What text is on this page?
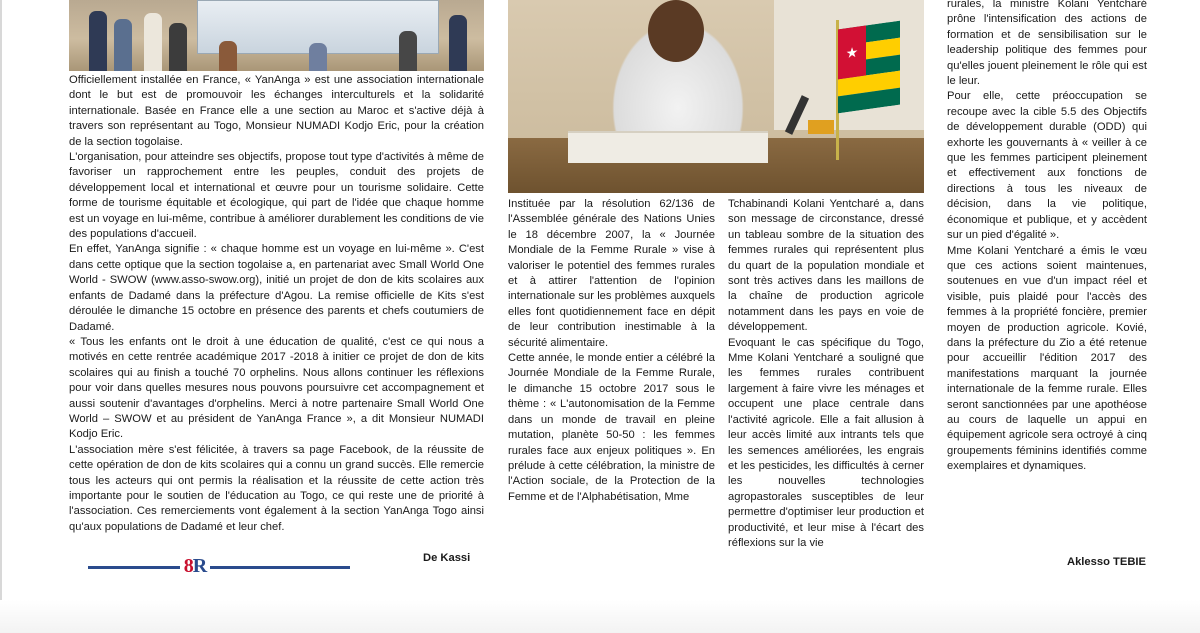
★

Officiellement installée en France, « YanAnga » est une association internationale dont le but est de promouvoir les échanges interculturels et la solidarité internationale. Basée en France elle a une section au Maroc et s'active déjà à travers son représentant au Togo, Monsieur NUMADI Kodjo Eric, pour la création de la section togolaise.

L'organisation, pour atteindre ses objectifs, propose tout type d'activités à même de favoriser un rapprochement entre les peuples, conduit des projets de développement local et international et œuvre pour un tourisme solidaire. Cette forme de tourisme équitable et écologique, qui part de l'idée que chaque homme est un voyage en lui-même, contribue à améliorer durablement les conditions de vie des populations d'accueil.

En effet, YanAnga signifie : « chaque homme est un voyage en lui-même ». C'est dans cette optique que la section togolaise a, en partenariat avec Small World One World - SWOW (www.asso-swow.org), initié un projet de don de kits scolaires aux enfants de Dadamé dans la préfecture d'Agou. La remise officielle de Kits s'est déroulée le dimanche 15 octobre en présence des parents et chefs coutumiers de Dadamé.

« Tous les enfants ont le droit à une éducation de qualité, c'est ce qui nous a motivés en cette rentrée académique 2017 -2018 à initier ce projet de don de kits scolaires qui au finish a touché 70 orphelins. Nous allons continuer les réflexions pour voir dans quelles mesures nous pouvons poursuivre cet accompagnement et aussi soutenir d'avantages d'orphelins. Merci à notre partenaire Small World One World – SWOW et au président de YanAnga France », a dit Monsieur NUMADI Kodjo Eric.

L'association mère s'est félicitée, à travers sa page Facebook, de la réussite de cette opération de don de kits scolaires qui a connu un grand succès. Elle remercie tous les acteurs qui ont permis la réalisation et la réussite de cette action très importante pour le soutien de l'éducation au Togo, ce qui reste une de priorité à l'association. Ces remerciements vont également à la section YanAnga Togo ainsi qu'aux populations de Dadamé et leur chef.

De Kassi

Instituée par la résolution 62/136 de l'Assemblée générale des Nations Unies le 18 décembre 2007, la « Journée Mondiale de la Femme Rurale » vise à valoriser le potentiel des femmes rurales et à attirer l'attention de l'opinion internationale sur les problèmes auxquels elles font quotidiennement face en dépit de leur contribution inestimable à la sécurité alimentaire.

Cette année, le monde entier a célébré la Journée Mondiale de la Femme Rurale, le dimanche 15 octobre 2017 sous le thème : « L'autonomisation de la Femme dans un monde de travail en pleine mutation, planète 50-50 : les femmes rurales face aux enjeux politiques ». En prélude à cette célébration, la ministre de l'Action sociale, de la Protection de la Femme et de l'Alphabétisation, Mme

Tchabinandi Kolani Yentcharé a, dans son message de circonstance, dressé un tableau sombre de la situation des femmes rurales qui représentent plus du quart de la population mondiale et sont très actives dans les maillons de la chaîne de production agricole notamment dans les pays en voie de développement.

Evoquant le cas spécifique du Togo, Mme Kolani Yentcharé a souligné que les femmes rurales contribuent largement à faire vivre les ménages et occupent une place centrale dans l'activité agricole. Elle a fait allusion à leur accès limité aux intrants tels que les semences améliorées, les engrais et les pesticides, les difficultés à cerner les nouvelles technologies agropastorales susceptibles de leur permettre d'optimiser leur production et productivité, et leur mise à l'écart des réflexions sur la vie

rurales, la ministre Kolani Yentcharé prône l'intensification des actions de formation et de sensibilisation sur le leadership politique des femmes pour qu'elles jouent pleinement le rôle qui est le leur.

Pour elle, cette préoccupation se recoupe avec la cible 5.5 des Objectifs de développement durable (ODD) qui exhorte les gouvernants à « veiller à ce que les femmes participent pleinement et effectivement aux fonctions de directions à tous les niveaux de décision, dans la vie politique, économique et publique, et y accèdent sur un pied d'égalité ».

Mme Kolani Yentcharé a émis le vœu que ces actions soient maintenues, soutenues en vue d'un impact réel et visible, puis plaidé pour l'accès des femmes à la propriété foncière, premier moyen de production agricole. Kovié, dans la préfecture du Zio a été retenue pour accueillir l'édition 2017 des manifestations marquant la journée internationale de la femme rurale. Elles seront sanctionnées par une apothéose au cours de laquelle un appui en équipement agricole sera octroyé à cinq groupements féminins identifiés comme exemplaires et dynamiques.

Aklesso TEBIE
8R
